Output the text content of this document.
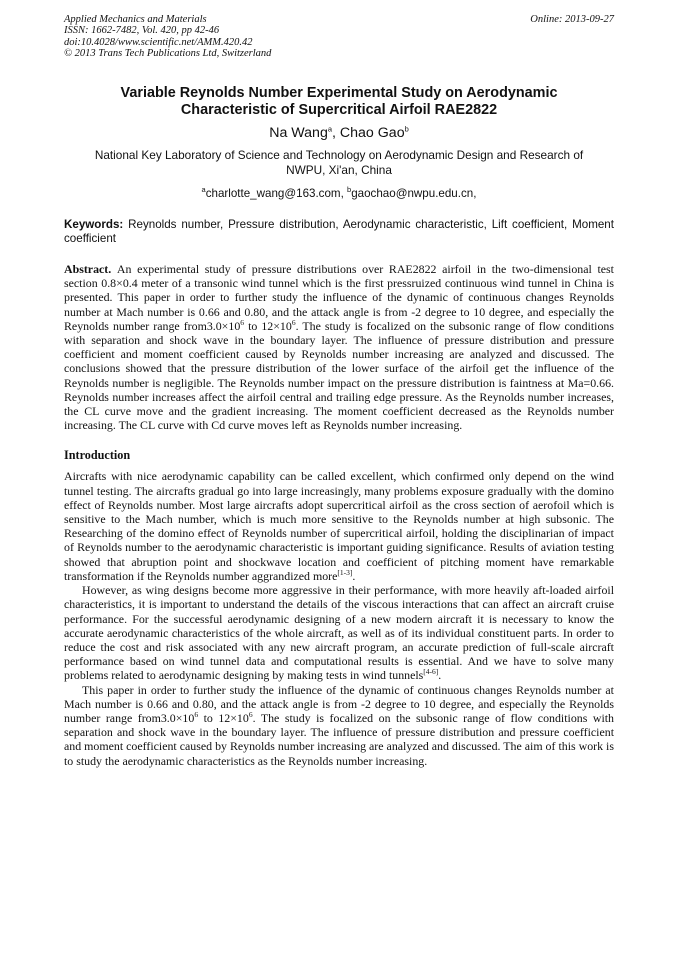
Applied Mechanics and Materials
ISSN: 1662-7482, Vol. 420, pp 42-46
doi:10.4028/www.scientific.net/AMM.420.42
© 2013 Trans Tech Publications Ltd, Switzerland
Online: 2013-09-27
Variable Reynolds Number Experimental Study on Aerodynamic
Characteristic of Supercritical Airfoil RAE2822
Na Wang$^a$, Chao Gao$^b$
National Key Laboratory of Science and Technology on Aerodynamic Design and Research of
NWPU, Xi'an, China
$^a$charlotte_wang@163.com, $^b$gaochao@nwpu.edu.cn,
Keywords: Reynolds number, Pressure distribution, Aerodynamic characteristic, Lift coefficient, Moment coefficient
Abstract. An experimental study of pressure distributions over RAE2822 airfoil in the two-dimensional test section 0.8×0.4 meter of a transonic wind tunnel which is the first pressruized continuous wind tunnel in China is presented. This paper in order to further study the influence of the dynamic of continuous changes Reynolds number at Mach number is 0.66 and 0.80, and the attack angle is from -2 degree to 10 degree, and especially the Reynolds number range $from3.0\times 10^6$ to $12\times 10^6$. The study is focalized on the subsonic range of flow conditions with separation and shock wave in the boundary layer. The influence of pressure distribution and pressure coefficient and moment coefficient caused by Reynolds number increasing are analyzed and discussed. The conclusions showed that the pressure distribution of the lower surface of the airfoil get the influence of the Reynolds number is negligible. The Reynolds number impact on the pressure distribution is faintness at Ma=0.66. Reynolds number increases affect the airfoil central and trailing edge pressure. As the Reynolds number increases, the CL curve move and the gradient increasing. The moment coefficient decreased as the Reynolds number increasing. The CL curve with Cd curve moves left as Reynolds number increasing.
Introduction

Aircrafts with nice aerodynamic capability can be called excellent, which confirmed only depend on the wind tunnel testing. The aircrafts gradual go into large increasingly, many problems exposure gradually with the domino effect of Reynolds number. Most large aircrafts adopt supercritical airfoil as the cross section of aerofoil which is sensitive to the Mach number, which is much more sensitive to the Reynolds number at high subsonic. The Researching of the domino effect of Reynolds number of supercritical airfoil, holding the disciplinarian of impact of Reynolds number to the aerodynamic characteristic is important guiding significance. Results of aviation testing showed that abruption point and shockwave location and coefficient of pitching moment have remarkable transformation if the Reynolds number aggrandized more[1-3].

However, as wing designs become more aggressive in their performance, with more heavily aft-loaded airfoil characteristics, it is important to understand the details of the viscous interactions that can affect an aircraft cruise performance. For the successful aerodynamic designing of a new modern aircraft it is necessary to know the accurate aerodynamic characteristics of the whole aircraft, as well as of its individual constituent parts. In order to reduce the cost and risk associated with any new aircraft program, an accurate prediction of full-scale aircraft performance based on wind tunnel data and computational results is essential. And we have to solve many problems related to aerodynamic designing by making tests in wind tunnels[4-6].

This paper in order to further study the influence of the dynamic of continuous changes Reynolds number at Mach number is 0.66 and 0.80, and the attack angle is from -2 degree to 10 degree, and especially the Reynolds number range $from3.0\times 10^6$ to $12\times 10^6$. The study is focalized on the subsonic range of flow conditions with separation and shock wave in the boundary layer. The influence of pressure distribution and pressure coefficient and moment coefficient caused by Reynolds number increasing are analyzed and discussed. The aim of this work is to study the aerodynamic characteristics as the Reynolds number increasing.
